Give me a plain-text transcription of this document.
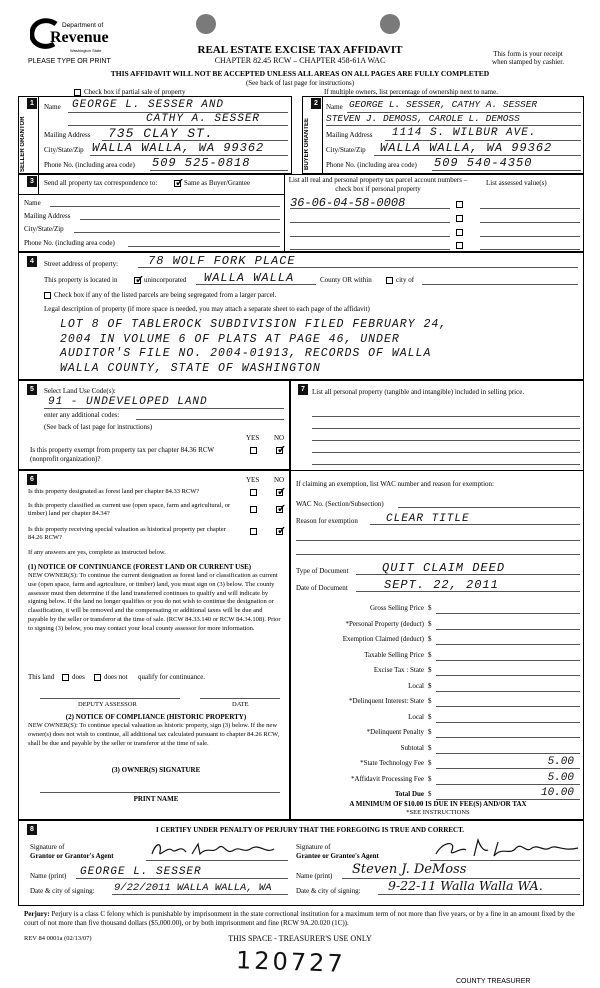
Department of
Revenue
Washington State
PLEASE TYPE OR PRINT
REAL ESTATE EXCISE TAX AFFIDAVIT
CHAPTER 82.45 RCW – CHAPTER 458-61A WAC
This form is your receipt
when stamped by cashier.
THIS AFFIDAVIT WILL NOT BE ACCEPTED UNLESS ALL AREAS ON ALL PAGES ARE FULLY COMPLETED
(See back of last page for instructions)
Check box if partial sale of property	If multiple owners, list percentage of ownership next to name.
1
SELLER GRANTOR
Name GEORGE L. SESSER AND
CATHY A. SESSER
Mailing Address 735 CLAY ST.
City/State/Zip WALLA WALLA, WA 99362
Phone No. (including area code) 509 525-0818
2
BUYER GRANTEE
Name GEORGE L. SESSER, CATHY A. SESSER
STEVEN J. DEMOSS, CAROLE L. DEMOSS
Mailing Address 1114 S. WILBUR AVE.
City/State/Zip WALLA WALLA, WA 99362
Phone No. (including area code) 509 540-4350
3	Send all property tax correspondence to: ✓	Same as Buyer/Grantee
Name
Mailing Address
City/State/Zip
Phone No. (including area code)
List all real and personal property tax parcel account numbers – check box if personal property
List assessed value(s)
36-06-04-58-0008
4	Street address of property: 78 WOLF FORK PLACE
This property is located in ✓	unincorporated WALLA WALLA	County OR within	city of
Check box if any of the listed parcels are being segregated from a larger parcel.
Legal description of property (if more space is needed, you may attach a separate sheet to each page of the affidavit)
LOT 8 OF TABLEROCK SUBDIVISION FILED FEBRUARY 24,
2004 IN VOLUME 6 OF PLATS AT PAGE 46, UNDER
AUDITOR'S FILE NO. 2004-01913, RECORDS OF WALLA
WALLA COUNTY, STATE OF WASHINGTON
5	Select Land Use Code(s):
91 - UNDEVELOPED LAND
enter any additional codes:
(See back of last page for instructions)
YES NO
Is this property exempt from property tax per chapter 84.36 RCW (nonprofit organization)?
✓
6	YES NO
Is this property designated as forest land per chapter 84.33 RCW?
✓
Is this property classified as current use (open space, farm and agricultural, or timber) land per chapter 84.34?
✓
Is this property receiving special valuation as historical property per chapter 84.26 RCW?
✓
If any answers are yes, complete as instructed below.
(1) NOTICE OF CONTINUANCE (FOREST LAND OR CURRENT USE)
NEW OWNER(S): To continue the current designation as forest land or classification as current use (open space, farm and agriculture, or timber) land, you must sign on (3) below. The county assessor must then determine if the land transferred continues to qualify and will indicate by signing below. If the land no longer qualifies or you do not wish to continue the designation or classification, it will be removed and the compensating or additional taxes will be due and payable by the seller or transferor at the time of sale. (RCW 84.33.140 or RCW 84.34.108). Prior to signing (3) below, you may contact your local county assessor for more information.
This land	does	does not qualify for continuance.
DEPUTY ASSESSOR	DATE
(2) NOTICE OF COMPLIANCE (HISTORIC PROPERTY)
NEW OWNER(S): To continue special valuation as historic property, sign (3) below. If the new owner(s) does not wish to continue, all additional tax calculated pursuant to chapter 84.26 RCW, shall be due and payable by the seller or transferor at the time of sale.
(3) OWNER(S) SIGNATURE
PRINT NAME
7	List all personal property (tangible and intangible) included in selling price.
If claiming an exemption, list WAC number and reason for exemption:
WAC No. (Section/Subsection)
Reason for exemption	CLEAR TITLE
Type of Document	QUIT CLAIM DEED
Date of Document	SEPT. 22, 2011
Gross Selling Price $
*Personal Property (deduct) $
Exemption Claimed (deduct) $
Taxable Selling Price $
Excise Tax : State $
Local $
*Delinquent Interest: State $
Local $
*Delinquent Penalty $
Subtotal $
*State Technology Fee $	5.00
*Affidavit Processing Fee $	5.00
Total Due $	10.00
A MINIMUM OF $10.00 IS DUE IN FEE(S) AND/OR TAX
*SEE INSTRUCTIONS
8	I CERTIFY UNDER PENALTY OF PERJURY THAT THE FOREGOING IS TRUE AND CORRECT.
Signature of
Grantor or Grantor's Agent
Name (print) GEORGE L. SESSER
Date & city of signing: 9/22/2011 WALLA WALLA, WA
Signature of
Grantee or Grantee's Agent
Name (print) Steven J. DeMoss
Date & city of signing: 9-22-11 Walla Walla WA.
Perjury: Perjury is a class C felony which is punishable by imprisonment in the state correctional institution for a maximum term of not more than five years, or by a fine in an amount fixed by the court of not more than five thousand dollars ($5,000.00), or by both imprisonment and fine (RCW 9A.20.020 (1C)).
REV 84 0001a (02/13/07)	THIS SPACE - TREASURER'S USE ONLY
120727
COUNTY TREASURER
